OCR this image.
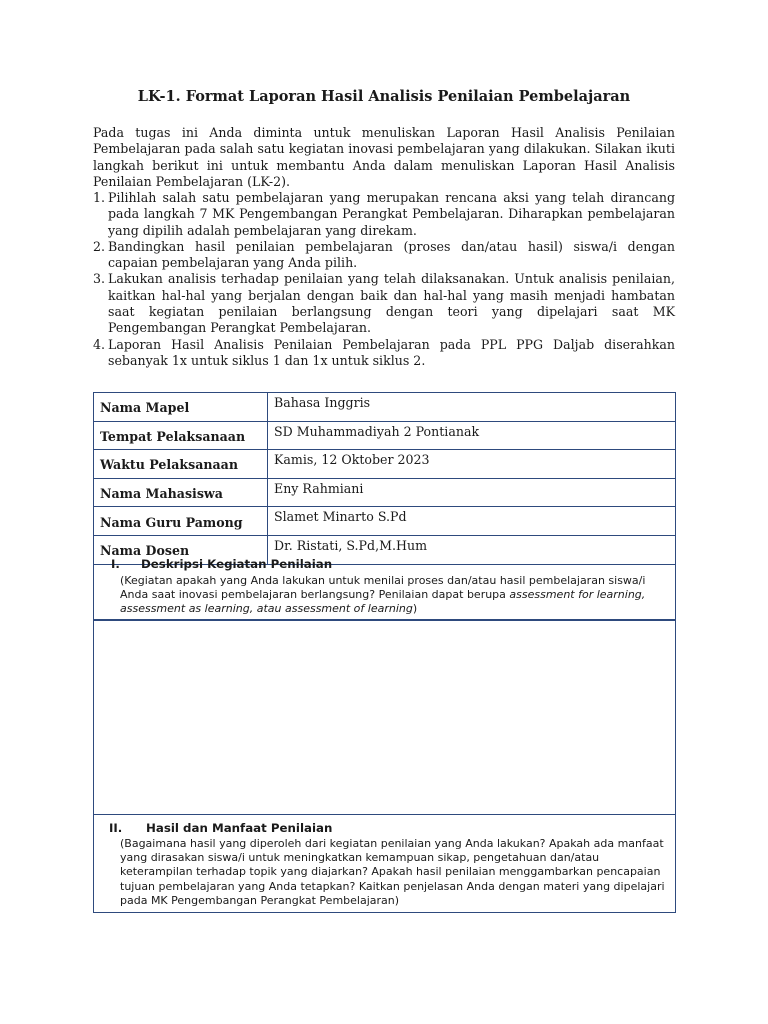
LK-1. Format Laporan Hasil Analisis Penilaian Pembelajaran

Pada tugas ini Anda diminta untuk menuliskan Laporan Hasil Analisis Penilaian Pembelajaran pada salah satu kegiatan inovasi pembelajaran yang dilakukan. Silakan ikuti langkah berikut ini untuk membantu Anda dalam menuliskan Laporan Hasil Analisis Penilaian Pembelajaran (LK-2).

1. Pilihlah salah satu pembelajaran yang merupakan rencana aksi yang telah dirancang pada langkah 7 MK Pengembangan Perangkat Pembelajaran. Diharapkan pembelajaran yang dipilih adalah pembelajaran yang direkam.
2. Bandingkan hasil penilaian pembelajaran (proses dan/atau hasil) siswa/i dengan capaian pembelajaran yang Anda pilih.
3. Lakukan analisis terhadap penilaian yang telah dilaksanakan. Untuk analisis penilaian, kaitkan hal-hal yang berjalan dengan baik dan hal-hal yang masih menjadi hambatan saat kegiatan penilaian berlangsung dengan teori yang dipelajari saat MK Pengembangan Perangkat Pembelajaran.
4. Laporan Hasil Analisis Penilaian Pembelajaran pada PPL PPG Daljab diserahkan sebanyak 1x untuk siklus 1 dan 1x untuk siklus 2.
Nama Mapel	Bahasa Inggris
Tempat Pelaksanaan	SD Muhammadiyah 2 Pontianak
Waktu Pelaksanaan	Kamis, 12 Oktober 2023
Nama Mahasiswa	Eny Rahmiani
Nama Guru Pamong	Slamet Minarto S.Pd
Nama Dosen	Dr. Ristati, S.Pd,M.Hum
I. Deskripsi Kegiatan Penilaian
(Kegiatan apakah yang Anda lakukan untuk menilai proses dan/atau hasil pembelajaran siswa/i Anda saat inovasi pembelajaran berlangsung? Penilaian dapat berupa assessment for learning, assessment as learning, atau assessment of learning)
II. Hasil dan Manfaat Penilaian
(Bagaimana hasil yang diperoleh dari kegiatan penilaian yang Anda lakukan? Apakah ada manfaat yang dirasakan siswa/i untuk meningkatkan kemampuan sikap, pengetahuan dan/atau keterampilan terhadap topik yang diajarkan? Apakah hasil penilaian menggambarkan pencapaian tujuan pembelajaran yang Anda tetapkan? Kaitkan penjelasan Anda dengan materi yang dipelajari pada MK Pengembangan Perangkat Pembelajaran)
